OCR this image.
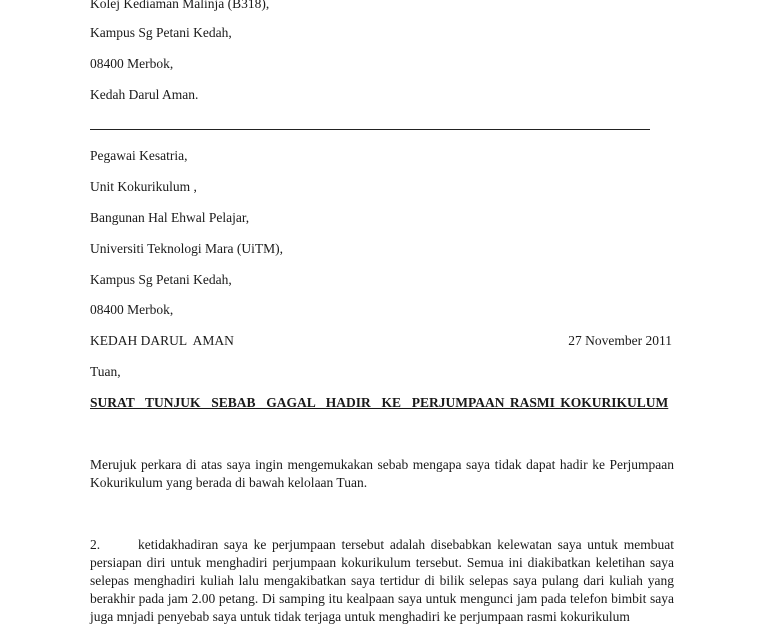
Kolej Kediaman Malinja (B318),
Kampus Sg Petani Kedah,
08400 Merbok,
Kedah Darul Aman.
Pegawai Kesatria,
Unit Kokurikulum ,
Bangunan Hal Ehwal Pelajar,
Universiti Teknologi Mara (UiTM),
Kampus Sg Petani Kedah,
08400 Merbok,
KEDAH DARUL  AMAN	27 November 2011
Tuan,
SURAT  TUNJUK  SEBAB  GAGAL  HADIR  KE  PERJUMPAAN RASMI KOKURIKULUM
Merujuk perkara di atas saya ingin mengemukakan sebab mengapa saya tidak dapat hadir ke Perjumpaan Kokurikulum yang berada di bawah kelolaan Tuan.
2.	ketidakhadiran saya ke perjumpaan tersebut adalah disebabkan kelewatan saya untuk membuat persiapan diri untuk menghadiri perjumpaan kokurikulum tersebut. Semua ini diakibatkan keletihan saya selepas menghadiri kuliah lalu mengakibatkan saya tertidur di bilik selepas saya pulang dari kuliah yang berakhir pada jam 2.00 petang. Di samping itu kealpaan saya untuk mengunci jam pada telefon bimbit saya juga mnjadi penyebab saya untuk tidak terjaga untuk menghadiri ke perjumpaan rasmi kokurikulum
